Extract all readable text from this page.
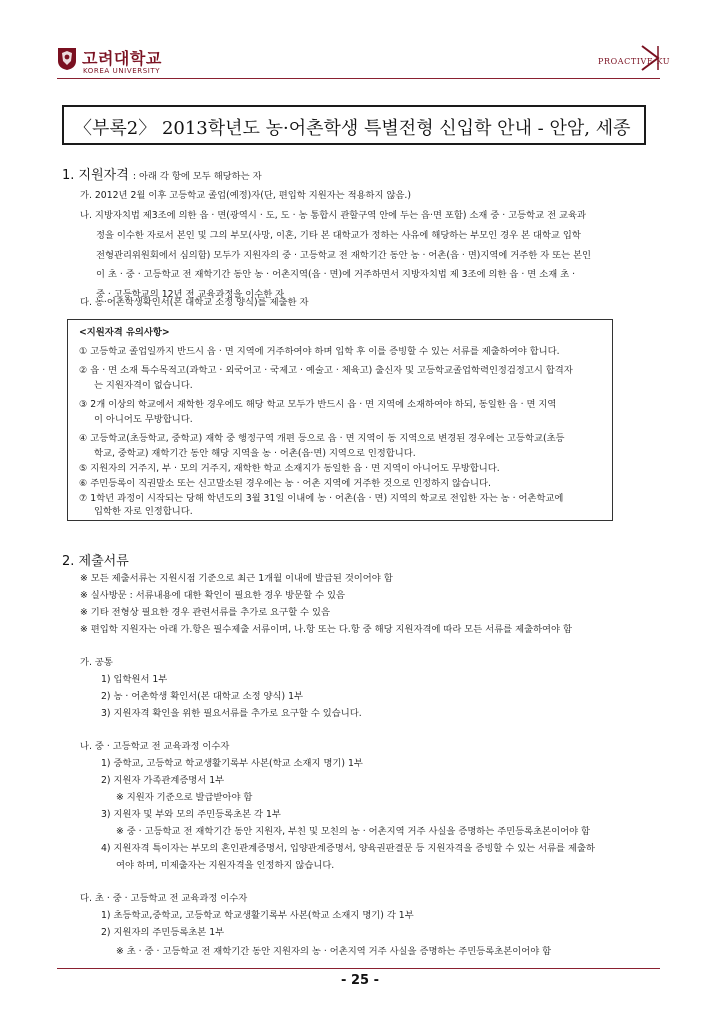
고려대학교
KOREA UNIVERSITY
PROACTIVE KU
〈부록2〉 2013학년도 농·어촌학생 특별전형 신입학 안내 - 안암, 세종
1. 지원자격 : 아래 각 항에 모두 해당하는 자
가. 2012년 2월 이후 고등학교 졸업(예정)자(단, 편입학 지원자는 적용하지 않음.)
나. 지방자치법 제3조에 의한 읍 · 면(광역시 · 도, 도 · 농 통합시 관할구역 안에 두는 읍·면 포함) 소재 중 · 고등학교 전 교육과
정을 이수한 자로서 본인 및 그의 부모(사망, 이혼, 기타 본 대학교가 정하는 사유에 해당하는 부모인 경우 본 대학교 입학
전형관리위원회에서 심의함) 모두가 지원자의 중 · 고등학교 전 재학기간 동안 농 · 어촌(읍 · 면)지역에 거주한 자 또는 본인
이 초 · 중 · 고등학교 전 재학기간 동안 농 · 어촌지역(읍 · 면)에 거주하면서 지방자치법 제 3조에 의한 읍 · 면 소재 초 ·
중 · 고등학교의 12년 전 교육과정을 이수한 자
다. 농·어촌학생확인서(본 대학교 소정 양식)를 제출한 자
<지원자격 유의사항>
① 고등학교 졸업일까지 반드시 읍 · 면 지역에 거주하여야 하며 입학 후 이를 증빙할 수 있는 서류를 제출하여야 합니다.
② 읍 · 면 소재 특수목적고(과학고 · 외국어고 · 국제고 · 예술고 · 체육고) 출신자 및 고등학교졸업학력인정검정고시 합격자
는 지원자격이 없습니다.
③ 2개 이상의 학교에서 재학한 경우에도 해당 학교 모두가 반드시 읍 · 면 지역에 소재하여야 하되, 동일한 읍 · 면 지역
이 아니어도 무방합니다.
④ 고등학교(초등학교, 중학교) 재학 중 행정구역 개편 등으로 읍 · 면 지역이 동 지역으로 변경된 경우에는 고등학교(초등
학교, 중학교) 재학기간 동안 해당 지역을 농 · 어촌(읍·면) 지역으로 인정합니다.
⑤ 지원자의 거주지, 부 · 모의 거주지, 재학한 학교 소재지가 동일한 읍 · 면 지역이 아니어도 무방합니다.
⑥ 주민등록이 직권말소 또는 신고말소된 경우에는 농 · 어촌 지역에 거주한 것으로 인정하지 않습니다.
⑦ 1학년 과정이 시작되는 당해 학년도의 3월 31일 이내에 농 · 어촌(읍 · 면) 지역의 학교로 전입한 자는 농 · 어촌학교에
입학한 자로 인정합니다.
2. 제출서류
※ 모든 제출서류는 지원시점 기준으로 최근 1개월 이내에 발급된 것이어야 함
※ 실사방문 : 서류내용에 대한 확인이 필요한 경우 방문할 수 있음
※ 기타 전형상 필요한 경우 관련서류를 추가로 요구할 수 있음
※ 편입학 지원자는 아래 가.항은 필수제출 서류이며, 나.항 또는 다.항 중 해당 지원자격에 따라 모든 서류를 제출하여야 함
가. 공통
1) 입학원서 1부
2) 농 · 어촌학생 확인서(본 대학교 소정 양식) 1부
3) 지원자격 확인을 위한 필요서류를 추가로 요구할 수 있습니다.
나. 중 · 고등학교 전 교육과정 이수자
1) 중학교, 고등학교 학교생활기록부 사본(학교 소재지 명기) 1부
2) 지원자 가족관계증명서 1부
※ 지원자 기준으로 발급받아야 함
3) 지원자 및 부와 모의 주민등록초본 각 1부
※ 중 · 고등학교 전 재학기간 동안 지원자, 부친 및 모친의 농 · 어촌지역 거주 사실을 증명하는 주민등록초본이어야 함
4) 지원자격 특이자는 부모의 혼인관계증명서, 입양관계증명서, 양육권판결문 등 지원자격을 증빙할 수 있는 서류를 제출하
여야 하며, 미제출자는 지원자격을 인정하지 않습니다.
다. 초 · 중 · 고등학교 전 교육과정 이수자
1) 초등학교,중학교, 고등학교 학교생활기록부 사본(학교 소재지 명기) 각 1부
2) 지원자의 주민등록초본 1부
※ 초 · 중 · 고등학교 전 재학기간 동안 지원자의 농 · 어촌지역 거주 사실을 증명하는 주민등록초본이어야 함
- 25 -
